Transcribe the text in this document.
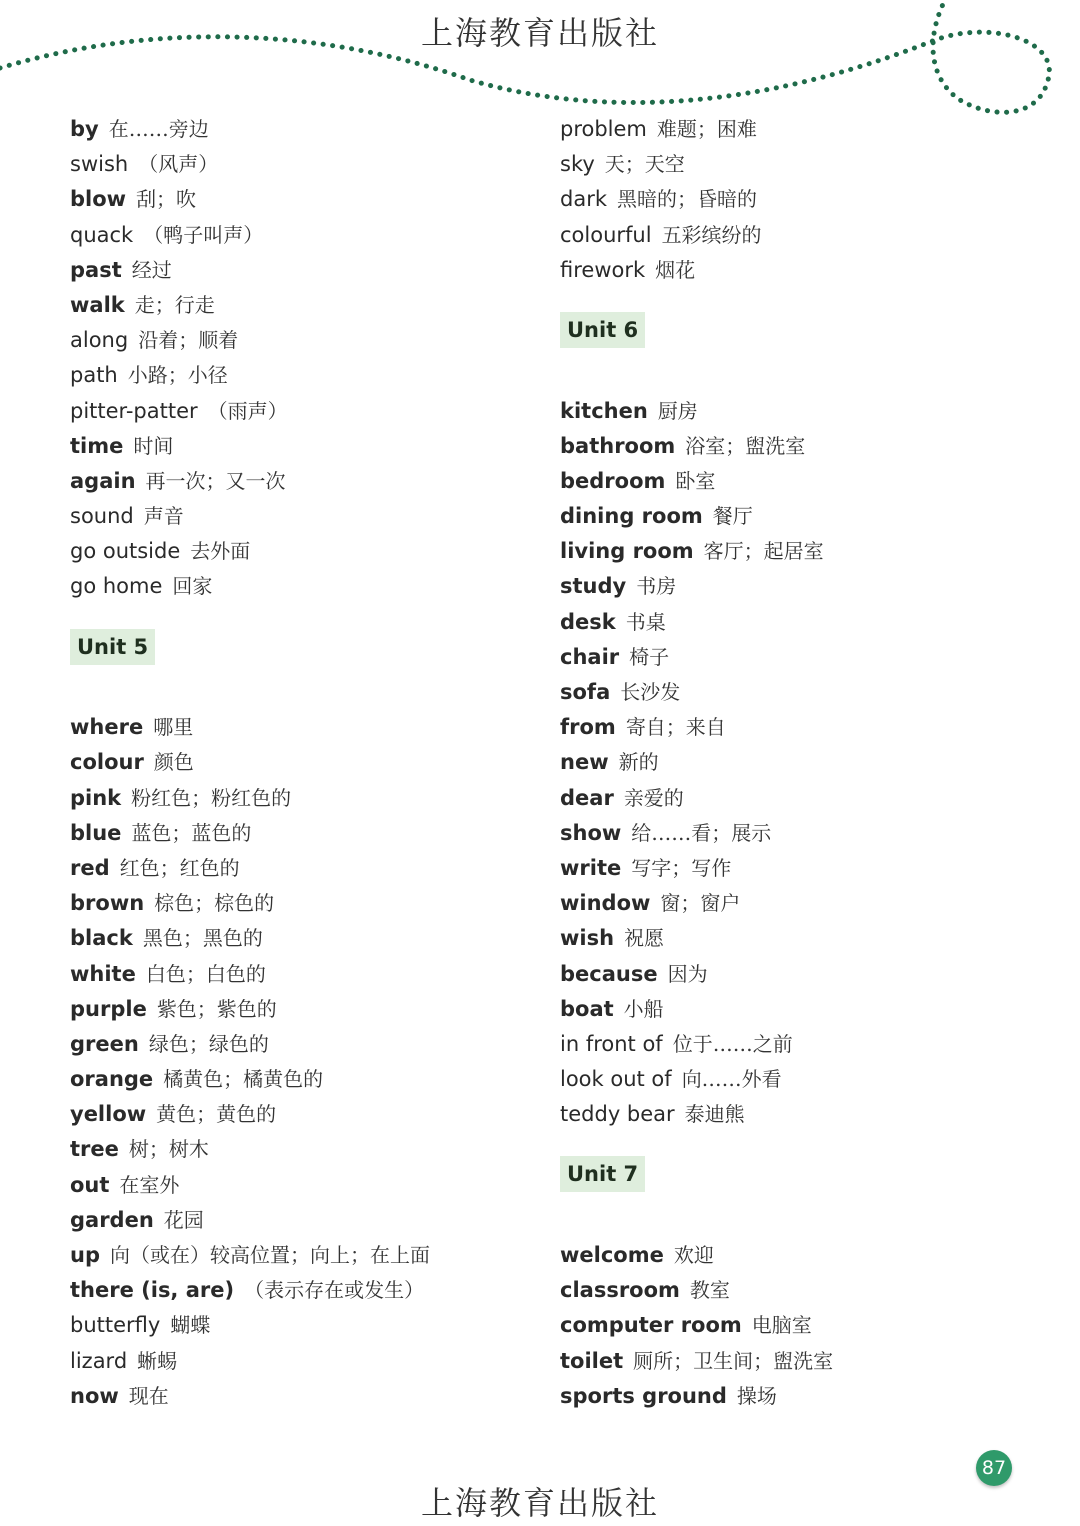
上海教育出版社
by 在……旁边
swish （风声）
blow 刮；吹
quack （鸭子叫声）
past 经过
walk 走；行走
along 沿着；顺着
path 小路；小径
pitter-patter （雨声）
time 时间
again 再一次；又一次
sound 声音
go outside 去外面
go home 回家
Unit 5
where 哪里
colour 颜色
pink 粉红色；粉红色的
blue 蓝色；蓝色的
red 红色；红色的
brown 棕色；棕色的
black 黑色；黑色的
white 白色；白色的
purple 紫色；紫色的
green 绿色；绿色的
orange 橘黄色；橘黄色的
yellow 黄色；黄色的
tree 树；树木
out 在室外
garden 花园
up 向（或在）较高位置；向上；在上面
there (is, are) （表示存在或发生）
butterfly 蝴蝶
lizard 蜥蜴
now 现在
problem 难题；困难
sky 天；天空
dark 黑暗的；昏暗的
colourful 五彩缤纷的
firework 烟花
Unit 6
kitchen 厨房
bathroom 浴室；盥洗室
bedroom 卧室
dining room 餐厅
living room 客厅；起居室
study 书房
desk 书桌
chair 椅子
sofa 长沙发
from 寄自；来自
new 新的
dear 亲爱的
show 给……看；展示
write 写字；写作
window 窗；窗户
wish 祝愿
because 因为
boat 小船
in front of 位于……之前
look out of 向……外看
teddy bear 泰迪熊
Unit 7
welcome 欢迎
classroom 教室
computer room 电脑室
toilet 厕所；卫生间；盥洗室
sports ground 操场
87
上海教育出版社
